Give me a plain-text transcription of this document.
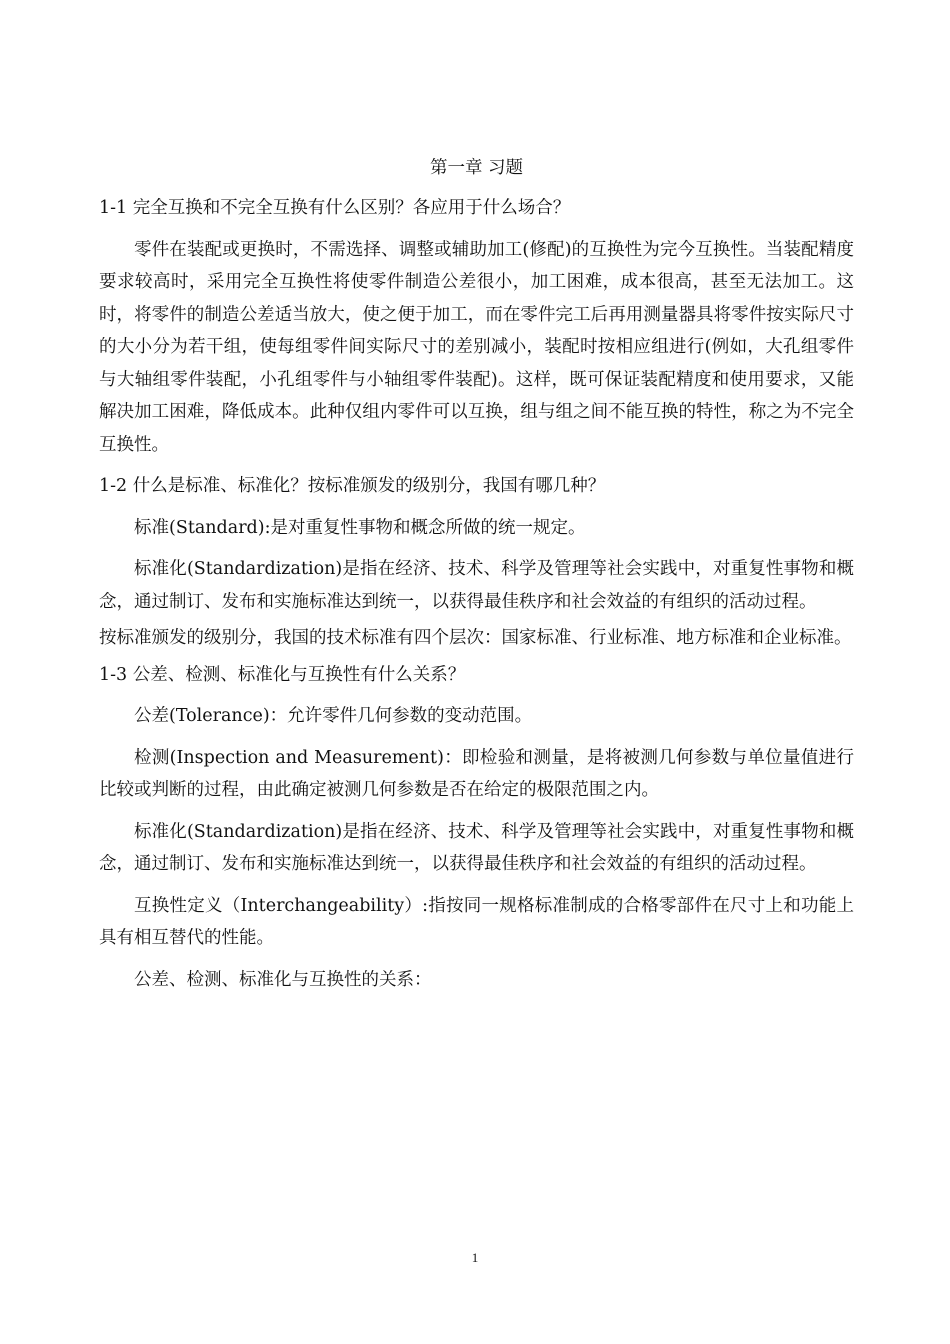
第一章 习题
1-1 完全互换和不完全互换有什么区别？各应用于什么场合？
零件在装配或更换时，不需选择、调整或辅助加工(修配)的互换性为完今互换性。当装配精度要求较高时，采用完全互换性将使零件制造公差很小，加工困难，成本很高，甚至无法加工。这时，将零件的制造公差适当放大，使之便于加工，而在零件完工后再用测量器具将零件按实际尺寸的大小分为若干组，使每组零件间实际尺寸的差别减小，装配时按相应组进行(例如，大孔组零件与大轴组零件装配，小孔组零件与小轴组零件装配)。这样，既可保证装配精度和使用要求，又能解决加工困难，降低成本。此种仅组内零件可以互换，组与组之间不能互换的特性，称之为不完全互换性。
1-2 什么是标准、标准化？按标准颁发的级别分，我国有哪几种？
标准(Standard):是对重复性事物和概念所做的统一规定。
标准化(Standardization)是指在经济、技术、科学及管理等社会实践中，对重复性事物和概念，通过制订、发布和实施标准达到统一，以获得最佳秩序和社会效益的有组织的活动过程。
按标准颁发的级别分，我国的技术标准有四个层次：国家标准、行业标准、地方标准和企业标准。
1-3 公差、检测、标准化与互换性有什么关系？
公差(Tolerance)：允许零件几何参数的变动范围。
检测(Inspection and Measurement)：即检验和测量，是将被测几何参数与单位量值进行比较或判断的过程，由此确定被测几何参数是否在给定的极限范围之内。
标准化(Standardization)是指在经济、技术、科学及管理等社会实践中，对重复性事物和概念，通过制订、发布和实施标准达到统一，以获得最佳秩序和社会效益的有组织的活动过程。
互换性定义（Interchangeability）:指按同一规格标准制成的合格零部件在尺寸上和功能上具有相互替代的性能。
公差、检测、标准化与互换性的关系：
1
